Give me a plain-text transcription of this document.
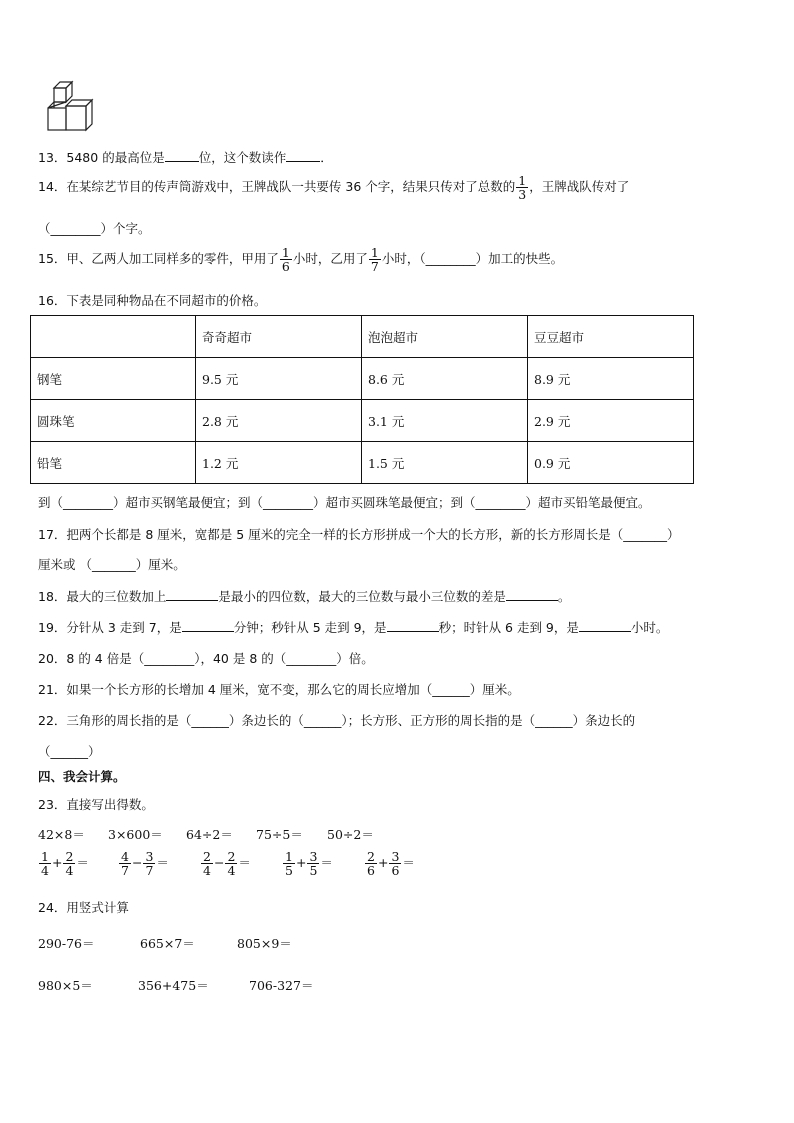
13．5480 的最高位是	位，这个数读作	．
14．在某综艺节目的传声筒游戏中，王牌战队一共要传 36 个字，结果只传对了总数的 $\frac{1}{3}$ ，王牌战队传对了
（________）个字。
15．甲、乙两人加工同样多的零件，甲用了 $\frac{1}{6}$ 小时，乙用了 $\frac{1}{7}$ 小时，（________）加工的快些。
16．下表是同种物品在不同超市的价格。
	奇奇超市	泡泡超市	豆豆超市
钢笔	9.5 元	8.6 元	8.9 元
圆珠笔	2.8 元	3.1 元	2.9 元
铅笔	1.2 元	1.5 元	0.9 元
到（________）超市买钢笔最便宜；到（________）超市买圆珠笔最便宜；到（________）超市买铅笔最便宜。
17．把两个长都是 8 厘米，宽都是 5 厘米的完全一样的长方形拼成一个大的长方形，新的长方形周长是（_______）
厘米或 （_______）厘米。
18．最大的三位数加上	是最小的四位数，最大的三位数与最小三位数的差是	。
19．分针从 3 走到 7，是	分钟；秒针从 5 走到 9，是	秒；时针从 6 走到 9，是	小时。
20．8 的 4 倍是（________），40 是 8 的（________）倍。
21．如果一个长方形的长增加 4 厘米，宽不变，那么它的周长应增加（______）厘米。
22．三角形的周长指的是（______）条边长的（______）；长方形、正方形的周长指的是（______）条边长的
（______）
四、我会计算。
23．直接写出得数。
42×8＝ 3×600＝ 64÷2＝ 75÷5＝ 50÷2＝
$\frac{1}{4} + \frac{2}{4} = \frac{4}{7} - \frac{3}{7}$ ＝	$\frac{2}{4} - \frac{2}{4}$ ＝	$\frac{1}{5} + \frac{3}{5}$ ＝	$\frac{2}{6} + \frac{3}{6}$ ＝
24．用竖式计算
290-76＝	665×7＝	805×9＝
980×5＝	356+475＝	706-327＝
